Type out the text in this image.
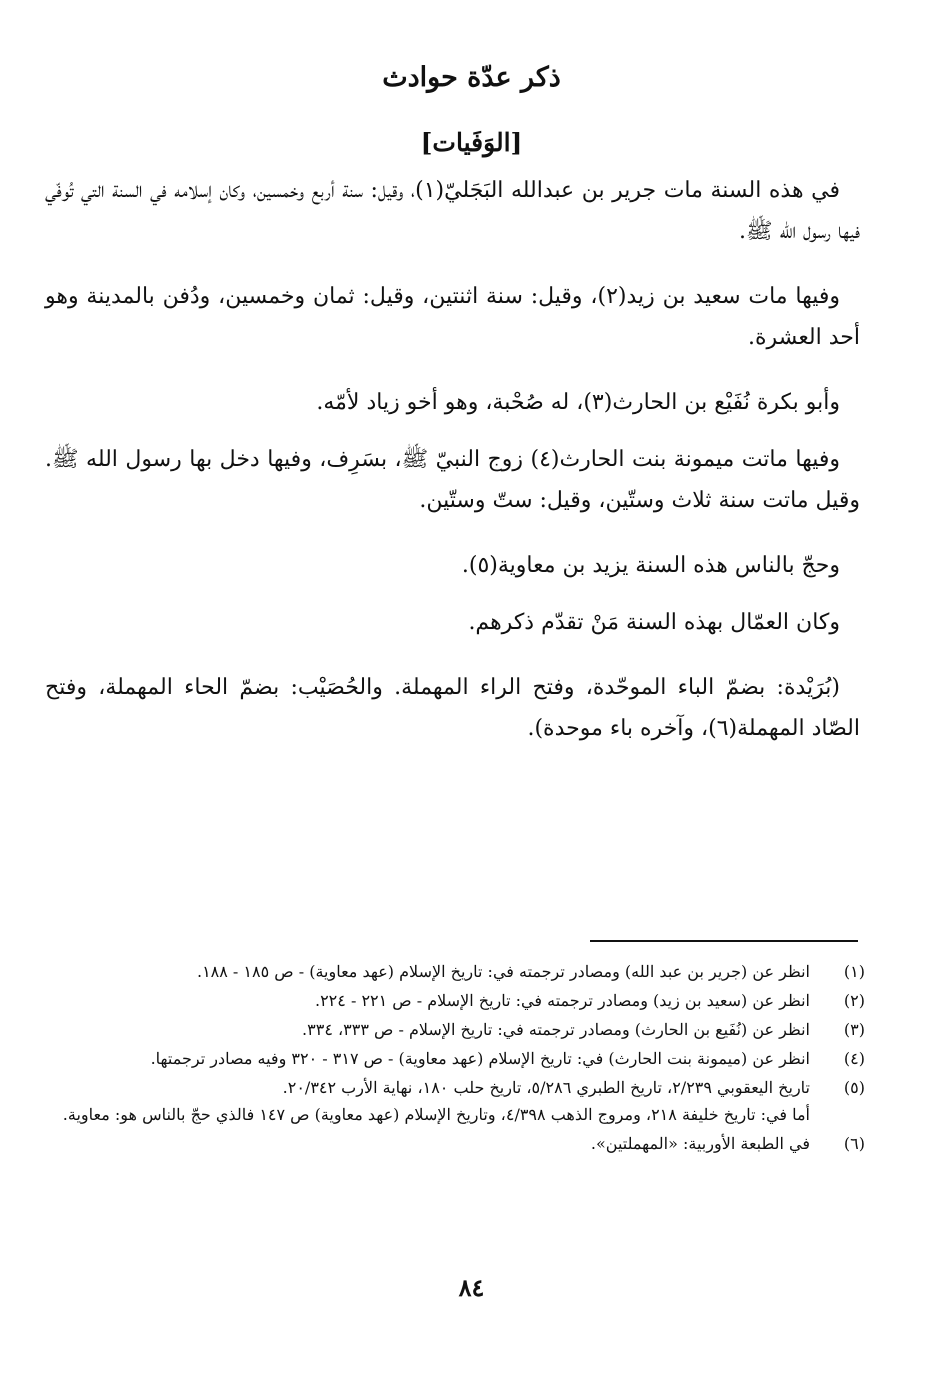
ذكر عدّة حوادث
[الوَفَيات]

في هذه السنة مات جرير بن عبدالله البَجَليّ(١)، وقيل: سنة أربع وخمسين، وكان إسلامه في السنة التي تُوفّي فيها رسول الله ﷺ.

وفيها مات سعيد بن زيد(٢)، وقيل: سنة اثنتين، وقيل: ثمان وخمسين، ودُفن بالمدينة وهو أحد العشرة.

وأبو بكرة نُفَيْع بن الحارث(٣)، له صُحْبة، وهو أخو زياد لأمّه.

وفيها ماتت ميمونة بنت الحارث(٤) زوج النبيّ ﷺ، بسَرِف، وفيها دخل بها رسول الله ﷺ. وقيل ماتت سنة ثلاث وستّين، وقيل: ستّ وستّين.

وحجّ بالناس هذه السنة يزيد بن معاوية(٥).

وكان العمّال بهذه السنة مَنْ تقدّم ذكرهم.

(بُرَيْدة: بضمّ الباء الموحّدة، وفتح الراء المهملة. والحُصَيْب: بضمّ الحاء المهملة، وفتح الصّاد المهملة(٦)، وآخره باء موحدة).

(١)
انظر عن (جرير بن عبد الله) ومصادر ترجمته في: تاريخ الإسلام (عهد معاوية) - ص ١٨٥ - ١٨٨.
(٢)
انظر عن (سعيد بن زيد) ومصادر ترجمته في: تاريخ الإسلام - ص ٢٢١ - ٢٢٤.
(٣)
انظر عن (نُفَيع بن الحارث) ومصادر ترجمته في: تاريخ الإسلام - ص ٣٣٣، ٣٣٤.
(٤)
انظر عن (ميمونة بنت الحارث) في: تاريخ الإسلام (عهد معاوية) - ص ٣١٧ - ٣٢٠ وفيه مصادر ترجمتها.
(٥)
تاريخ اليعقوبي ٢/٢٣٩، تاريخ الطبري ٥/٢٨٦، تاريخ حلب ١٨٠، نهاية الأرب ٢٠/٣٤٢.
أما في: تاريخ خليفة ٢١٨، ومروج الذهب ٤/٣٩٨، وتاريخ الإسلام (عهد معاوية) ص ١٤٧ فالذي حجّ بالناس هو: معاوية.
(٦)
في الطبعة الأوربية: «المهملتين».
٨٤
